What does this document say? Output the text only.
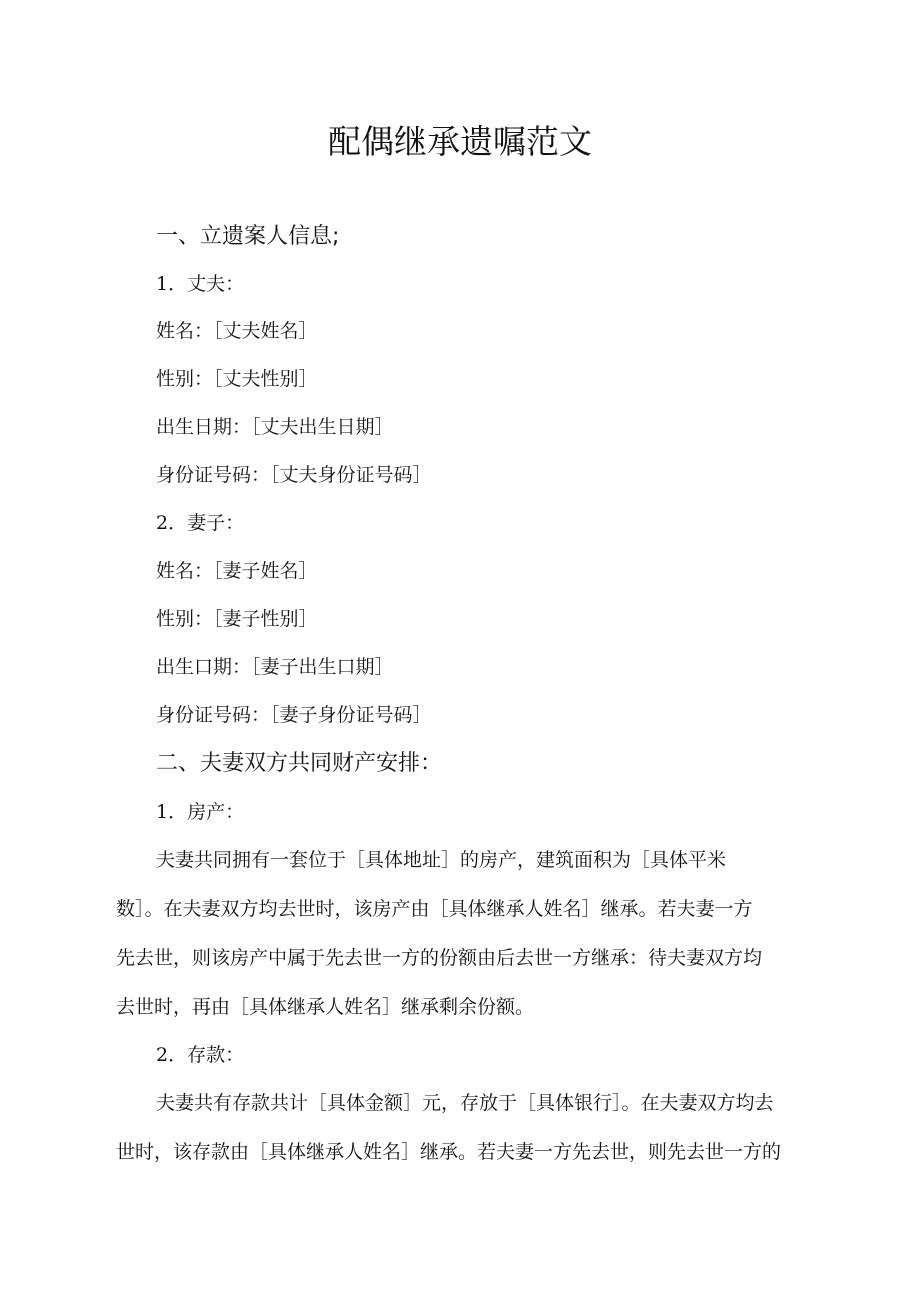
配偶继承遗嘱范文
一、立遗案人信息;
1．丈夫：
姓名：［丈夫姓名］
性别：［丈夫性别］
出生日期：［丈夫出生日期］
身份证号码：［丈夫身份证号码］
2．妻子：
姓名：［妻子姓名］
性别：［妻子性别］
出生口期：［妻子出生口期］
身份证号码：［妻子身份证号码］
二、夫妻双方共同财产安排：
1．房产：
夫妻共同拥有一套位于［具体地址］的房产，建筑面积为［具体平米
数］。在夫妻双方均去世时，该房产由［具体继承人姓名］继承。若夫妻一方
先去世，则该房产中属于先去世一方的份额由后去世一方继承：待夫妻双方均
去世时，再由［具体继承人姓名］继承剩余份额。
2．存款：
夫妻共有存款共计［具体金额］元，存放于［具体银行］。在夫妻双方均去
世时，该存款由［具体继承人姓名］继承。若夫妻一方先去世，则先去世一方的
